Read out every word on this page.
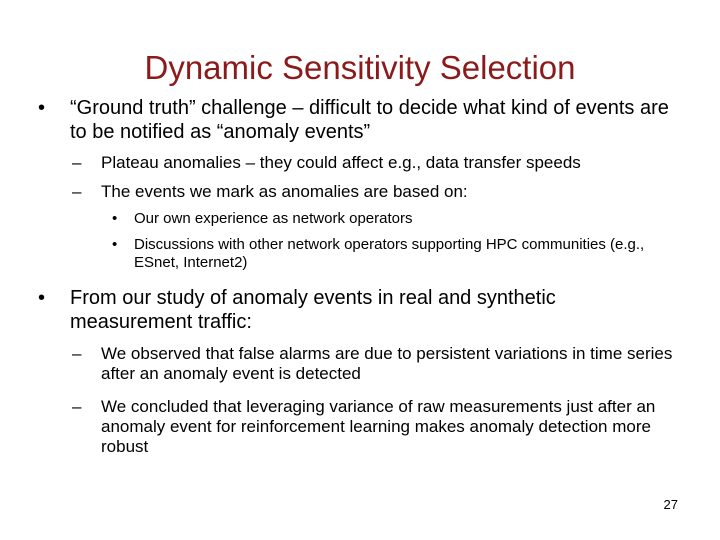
Dynamic Sensitivity Selection
• “Ground truth” challenge – difficult to decide what kind of events are to be notified as “anomaly events”
– Plateau anomalies – they could affect e.g., data transfer speeds
– The events we mark as anomalies are based on:
• Our own experience as network operators
• Discussions with other network operators supporting HPC communities (e.g., ESnet, Internet2)
• From our study of anomaly events in real and synthetic measurement traffic:
– We observed that false alarms are due to persistent variations in time series after an anomaly event is detected
– We concluded that leveraging variance of raw measurements just after an anomaly event for reinforcement learning makes anomaly detection more robust
27
